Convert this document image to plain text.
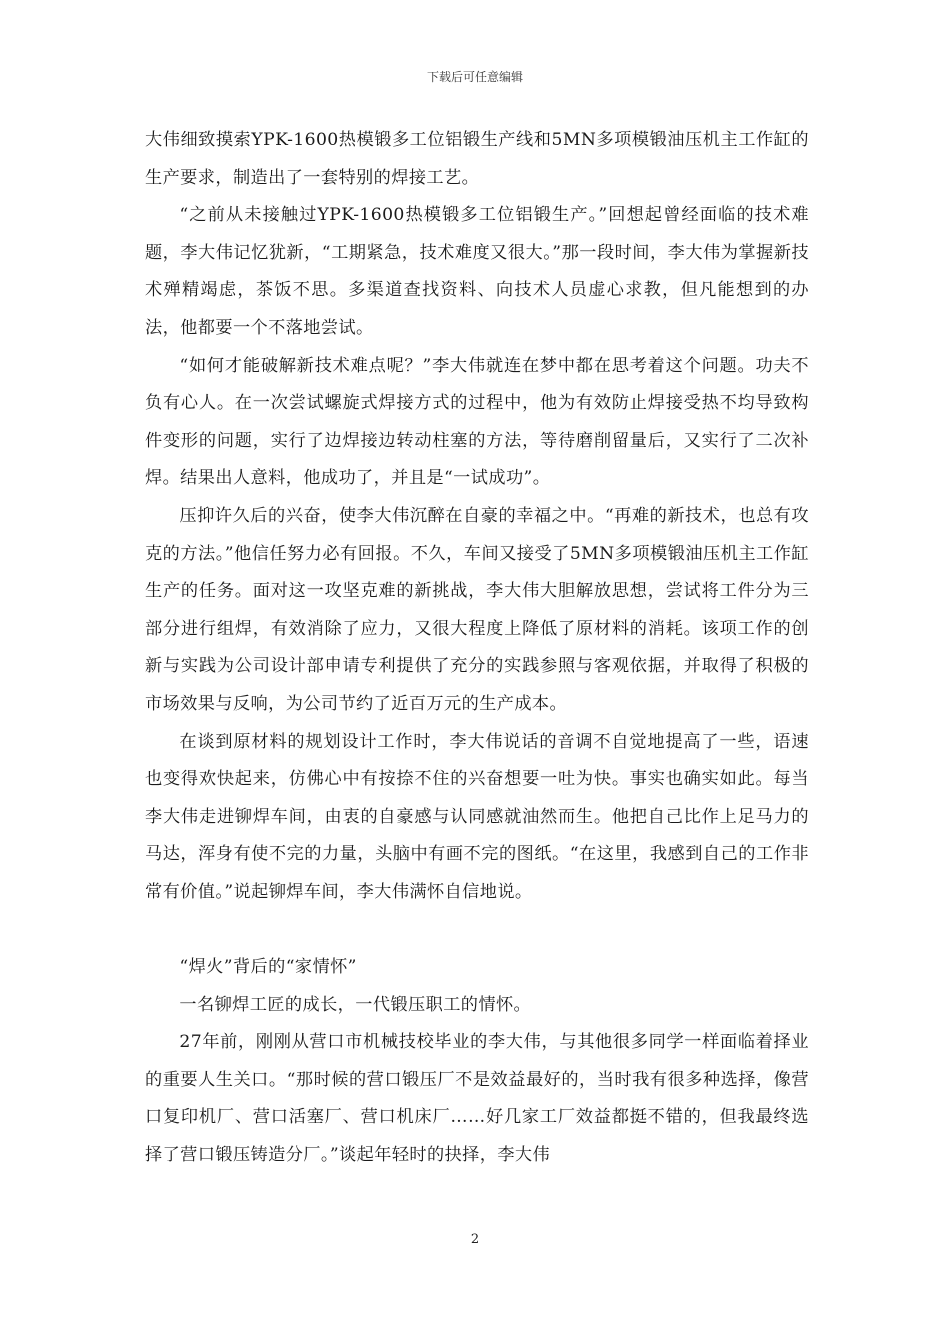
下载后可任意编辑

大伟细致摸索YPK-1600热模锻多工位铝锻生产线和5MN多项模锻油压机主工作缸的生产要求，制造出了一套特别的焊接工艺。

“之前从未接触过YPK-1600热模锻多工位铝锻生产。”回想起曾经面临的技术难题，李大伟记忆犹新，“工期紧急，技术难度又很大。”那一段时间，李大伟为掌握新技术殚精竭虑，茶饭不思。多渠道查找资料、向技术人员虚心求教，但凡能想到的办法，他都要一个不落地尝试。

“如何才能破解新技术难点呢？”李大伟就连在梦中都在思考着这个问题。功夫不负有心人。在一次尝试螺旋式焊接方式的过程中，他为有效防止焊接受热不均导致构件变形的问题，实行了边焊接边转动柱塞的方法，等待磨削留量后，又实行了二次补焊。结果出人意料，他成功了，并且是“一试成功”。

压抑许久后的兴奋，使李大伟沉醉在自豪的幸福之中。“再难的新技术，也总有攻克的方法。”他信任努力必有回报。不久，车间又接受了5MN多项模锻油压机主工作缸生产的任务。面对这一攻坚克难的新挑战，李大伟大胆解放思想，尝试将工件分为三部分进行组焊，有效消除了应力，又很大程度上降低了原材料的消耗。该项工作的创新与实践为公司设计部申请专利提供了充分的实践参照与客观依据，并取得了积极的市场效果与反响，为公司节约了近百万元的生产成本。

在谈到原材料的规划设计工作时，李大伟说话的音调不自觉地提高了一些，语速也变得欢快起来，仿佛心中有按捺不住的兴奋想要一吐为快。事实也确实如此。每当李大伟走进铆焊车间，由衷的自豪感与认同感就油然而生。他把自己比作上足马力的马达，浑身有使不完的力量，头脑中有画不完的图纸。“在这里，我感到自己的工作非常有价值。”说起铆焊车间，李大伟满怀自信地说。

“焊火”背后的“家情怀”

一名铆焊工匠的成长，一代锻压职工的情怀。

27年前，刚刚从营口市机械技校毕业的李大伟，与其他很多同学一样面临着择业的重要人生关口。“那时候的营口锻压厂不是效益最好的，当时我有很多种选择，像营口复印机厂、营口活塞厂、营口机床厂……好几家工厂效益都挺不错的，但我最终选择了营口锻压铸造分厂。”谈起年轻时的抉择，李大伟

2
